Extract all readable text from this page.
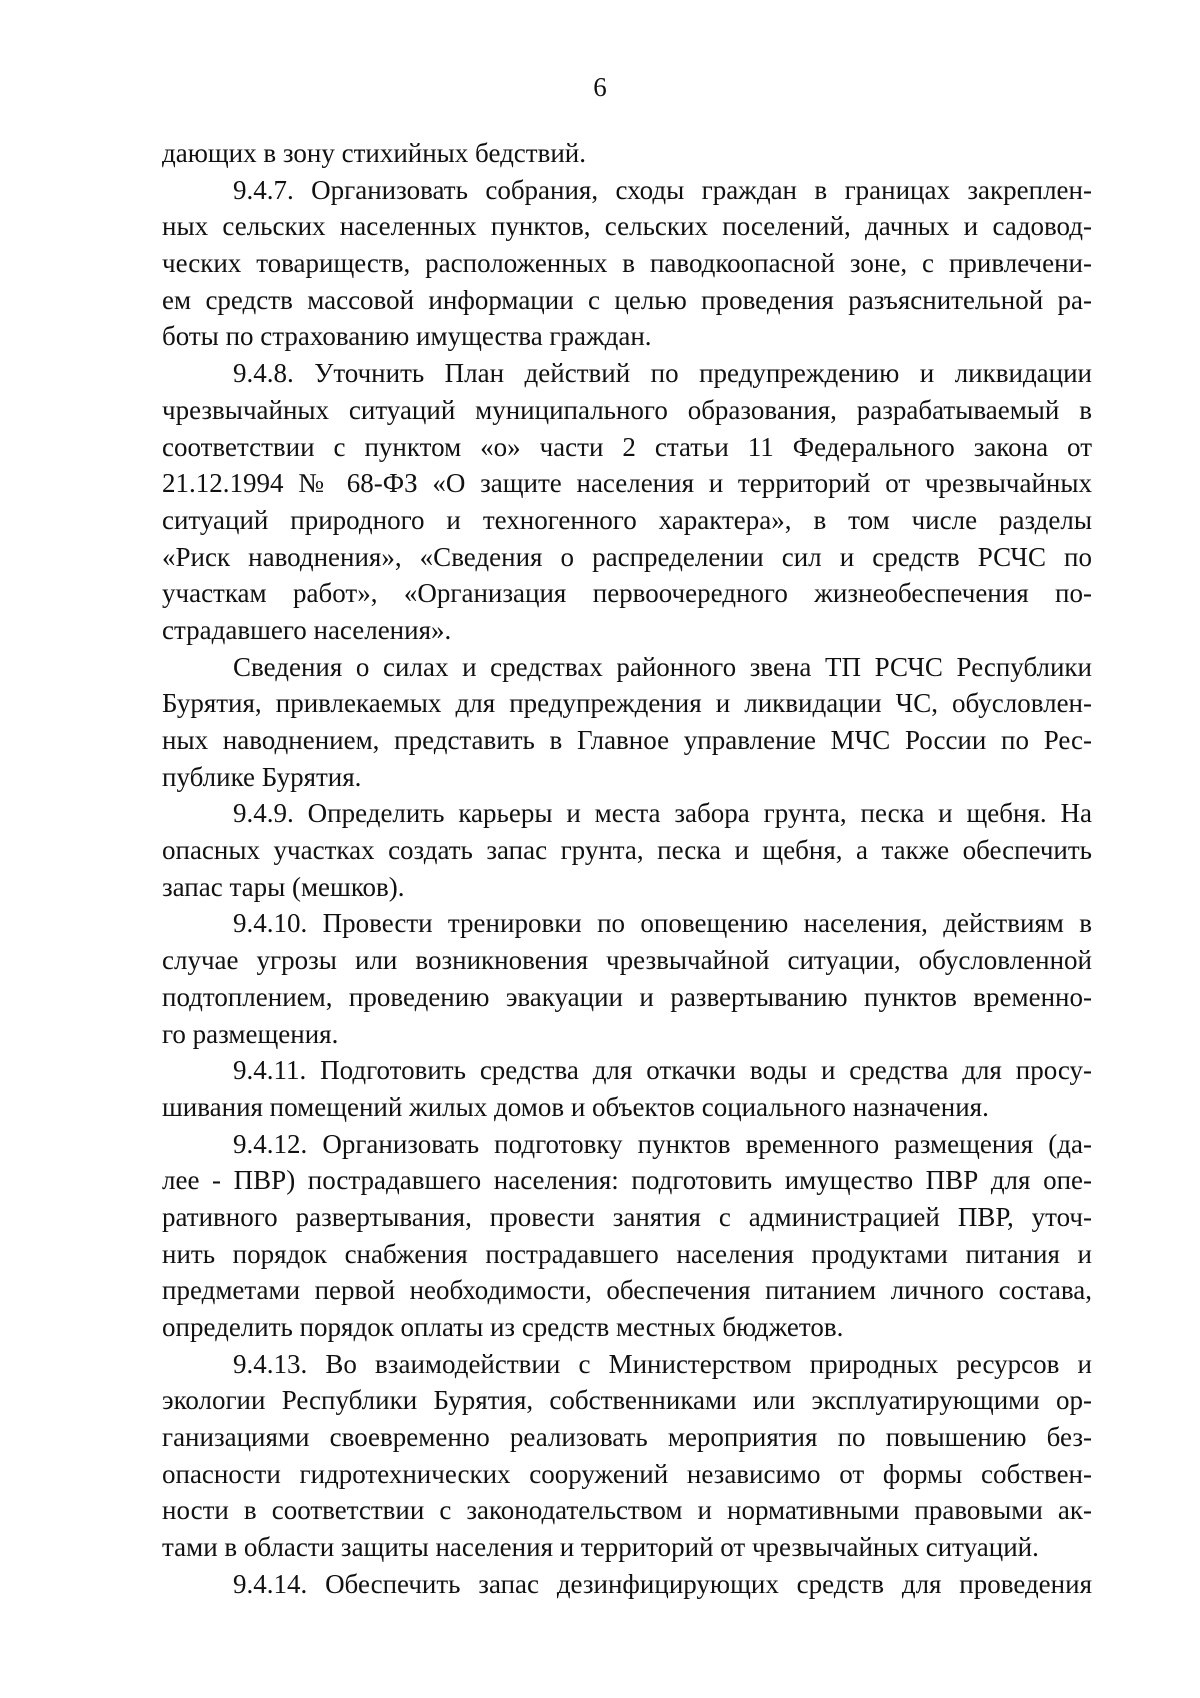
6
дающих в зону стихийных бедствий.
9.4.7. Организовать собрания, сходы граждан в границах закреплен-
ных сельских населенных пунктов, сельских поселений, дачных и садовод-
ческих товариществ, расположенных в паводкоопасной зоне, с привлечени-
ем средств массовой информации с целью проведения разъяснительной ра-
боты по страхованию имущества граждан.
9.4.8. Уточнить План действий по предупреждению и ликвидации
чрезвычайных ситуаций муниципального образования, разрабатываемый в
соответствии с пунктом «о» части 2 статьи 11 Федерального закона от
21.12.1994 № 68-ФЗ «О защите населения и территорий от чрезвычайных
ситуаций природного и техногенного характера», в том числе разделы
«Риск наводнения», «Сведения о распределении сил и средств РСЧС по
участкам работ», «Организация первоочередного жизнеобеспечения по-
страдавшего населения».
Сведения о силах и средствах районного звена ТП РСЧС Республики
Бурятия, привлекаемых для предупреждения и ликвидации ЧС, обусловлен-
ных наводнением, представить в Главное управление МЧС России по Рес-
публике Бурятия.
9.4.9. Определить карьеры и места забора грунта, песка и щебня. На
опасных участках создать запас грунта, песка и щебня, а также обеспечить
запас тары (мешков).
9.4.10. Провести тренировки по оповещению населения, действиям в
случае угрозы или возникновения чрезвычайной ситуации, обусловленной
подтоплением, проведению эвакуации и развертыванию пунктов временно-
го размещения.
9.4.11. Подготовить средства для откачки воды и средства для просу-
шивания помещений жилых домов и объектов социального назначения.
9.4.12. Организовать подготовку пунктов временного размещения (да-
лее - ПВР) пострадавшего населения: подготовить имущество ПВР для опе-
ративного развертывания, провести занятия с администрацией ПВР, уточ-
нить порядок снабжения пострадавшего населения продуктами питания и
предметами первой необходимости, обеспечения питанием личного состава,
определить порядок оплаты из средств местных бюджетов.
9.4.13. Во взаимодействии с Министерством природных ресурсов и
экологии Республики Бурятия, собственниками или эксплуатирующими ор-
ганизациями своевременно реализовать мероприятия по повышению без-
опасности гидротехнических сооружений независимо от формы собствен-
ности в соответствии с законодательством и нормативными правовыми ак-
тами в области защиты населения и территорий от чрезвычайных ситуаций.
9.4.14. Обеспечить запас дезинфицирующих средств для проведения
